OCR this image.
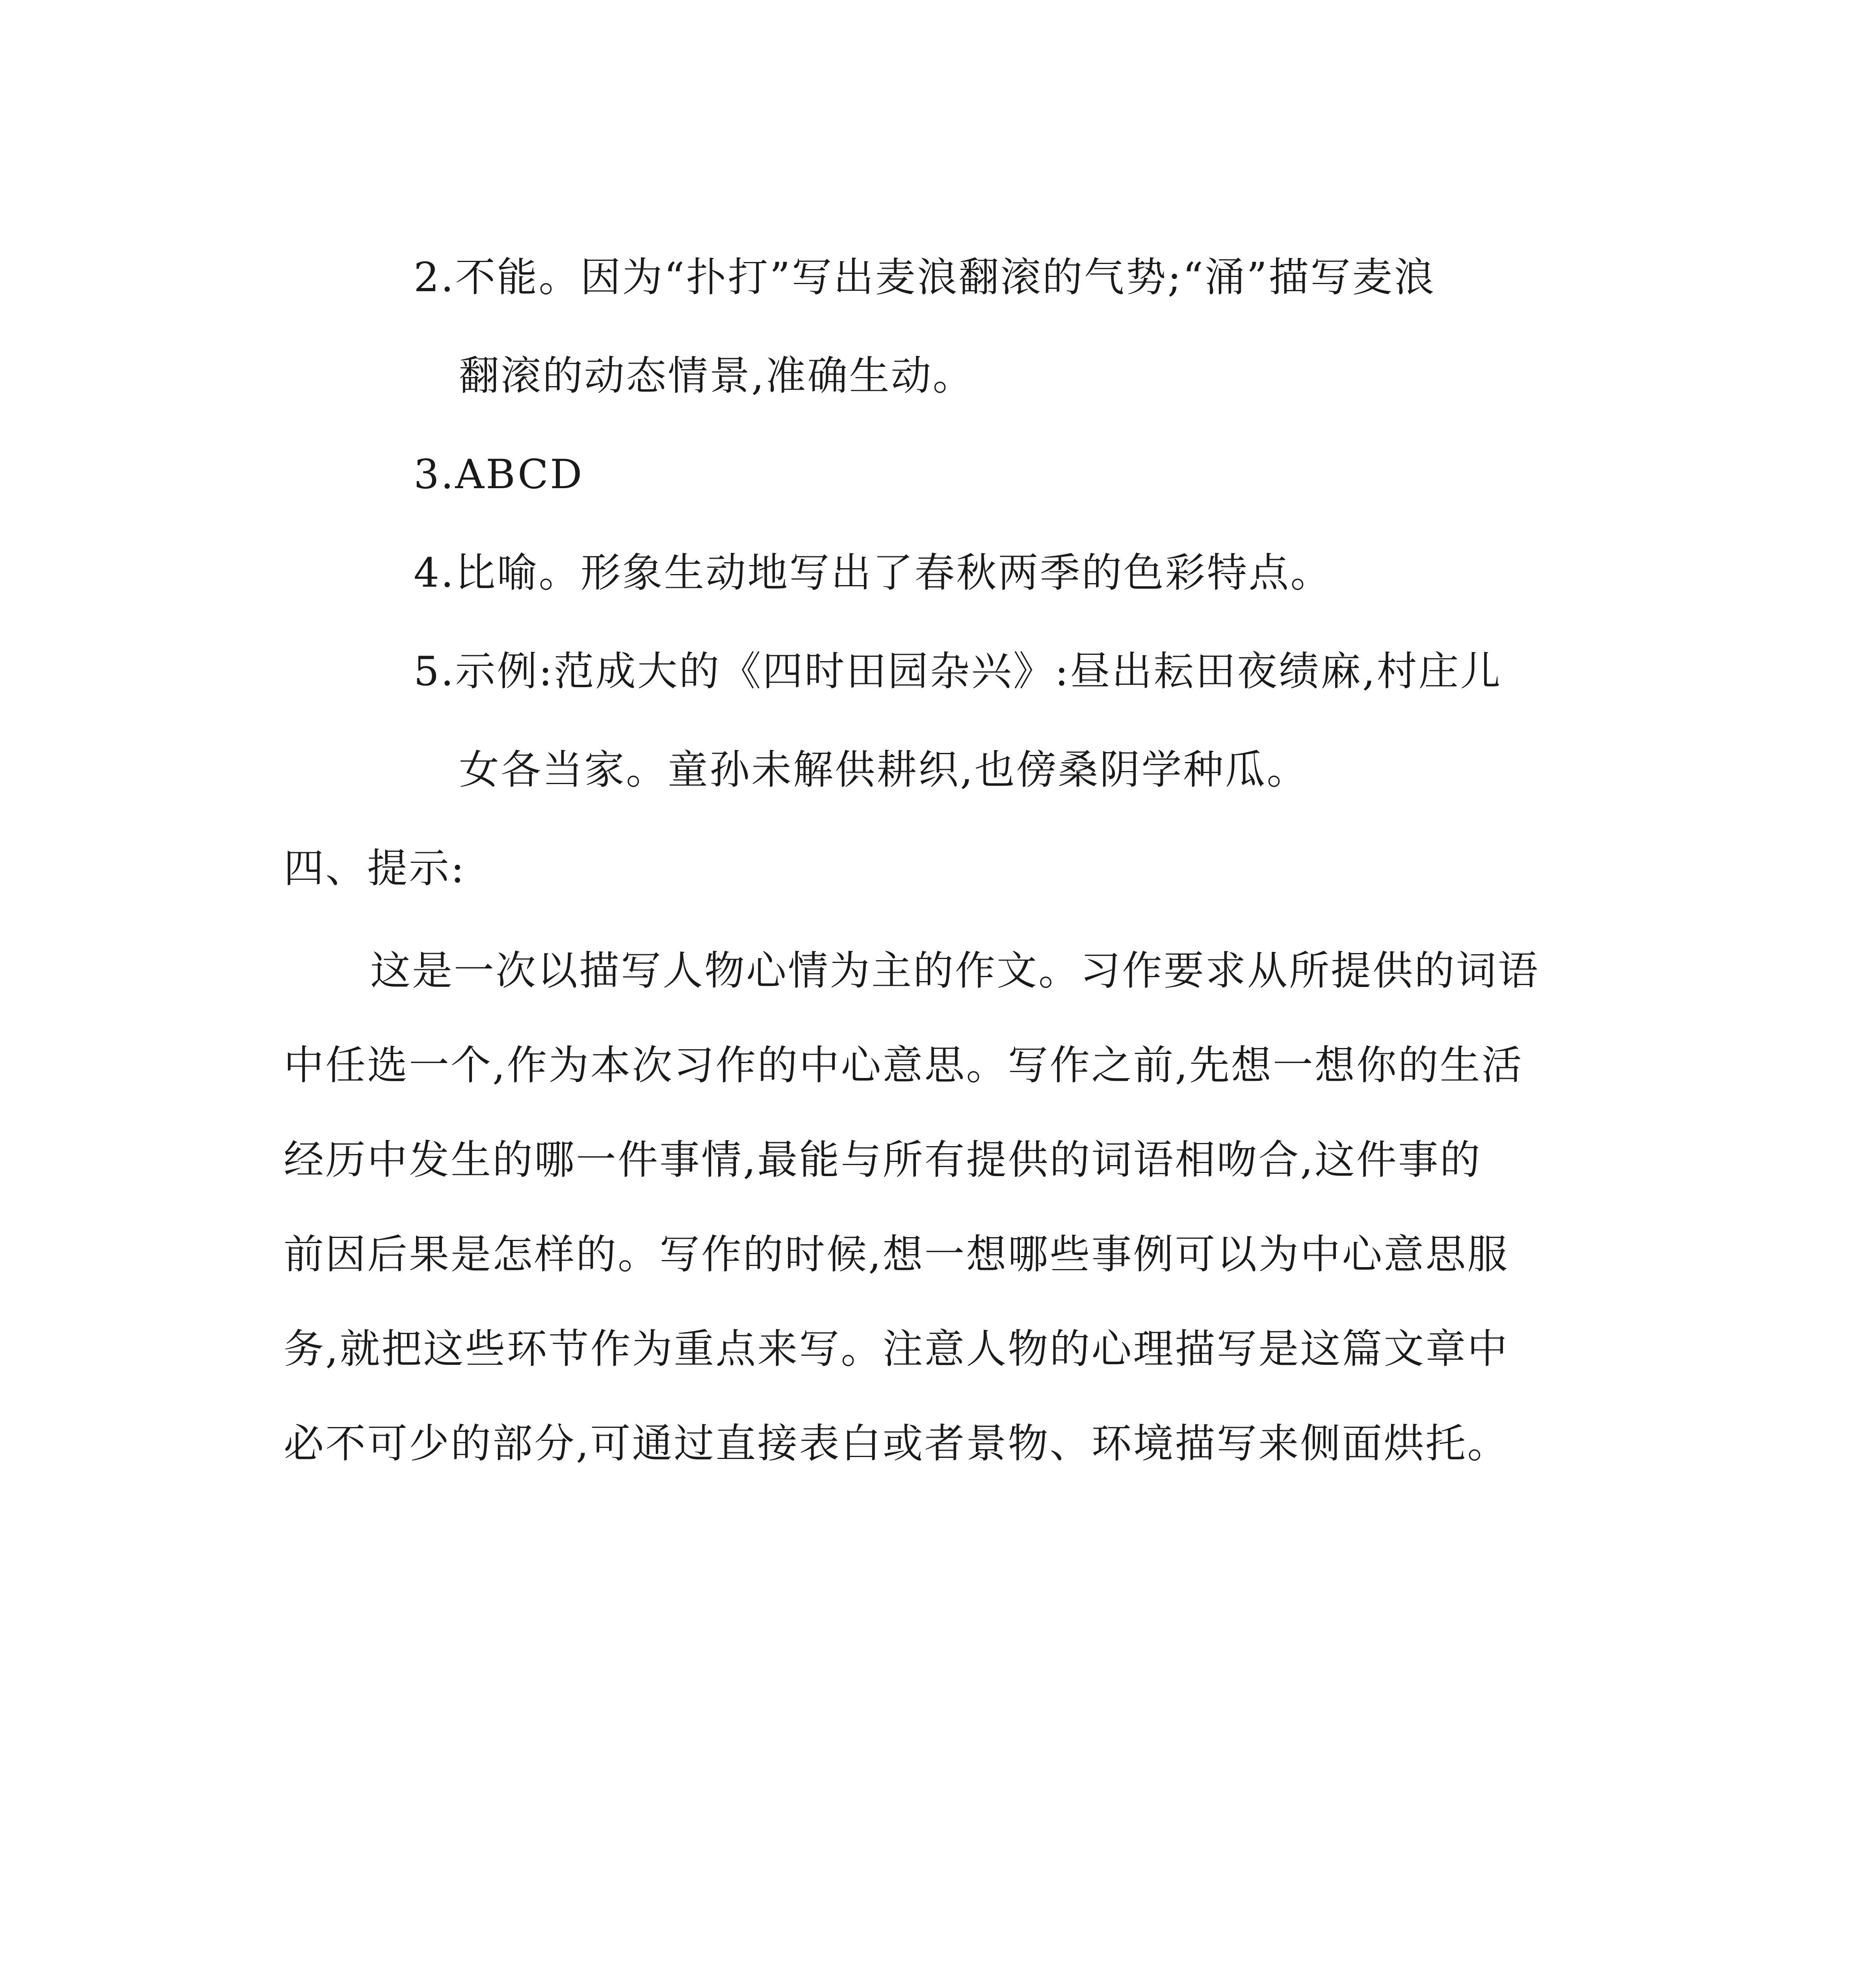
2.不能。因为“扑打”写出麦浪翻滚的气势;“涌”描写麦浪
翻滚的动态情景,准确生动。
3.ABCD
4.比喻。形象生动地写出了春秋两季的色彩特点。
5.示例:范成大的《四时田园杂兴》:昼出耘田夜绩麻,村庄儿
女各当家。童孙未解供耕织,也傍桑阴学种瓜。
四、提示:
这是一次以描写人物心情为主的作文。习作要求从所提供的词语
中任选一个,作为本次习作的中心意思。写作之前,先想一想你的生活
经历中发生的哪一件事情,最能与所有提供的词语相吻合,这件事的
前因后果是怎样的。写作的时候,想一想哪些事例可以为中心意思服
务,就把这些环节作为重点来写。注意人物的心理描写是这篇文章中
必不可少的部分,可通过直接表白或者景物、环境描写来侧面烘托。
